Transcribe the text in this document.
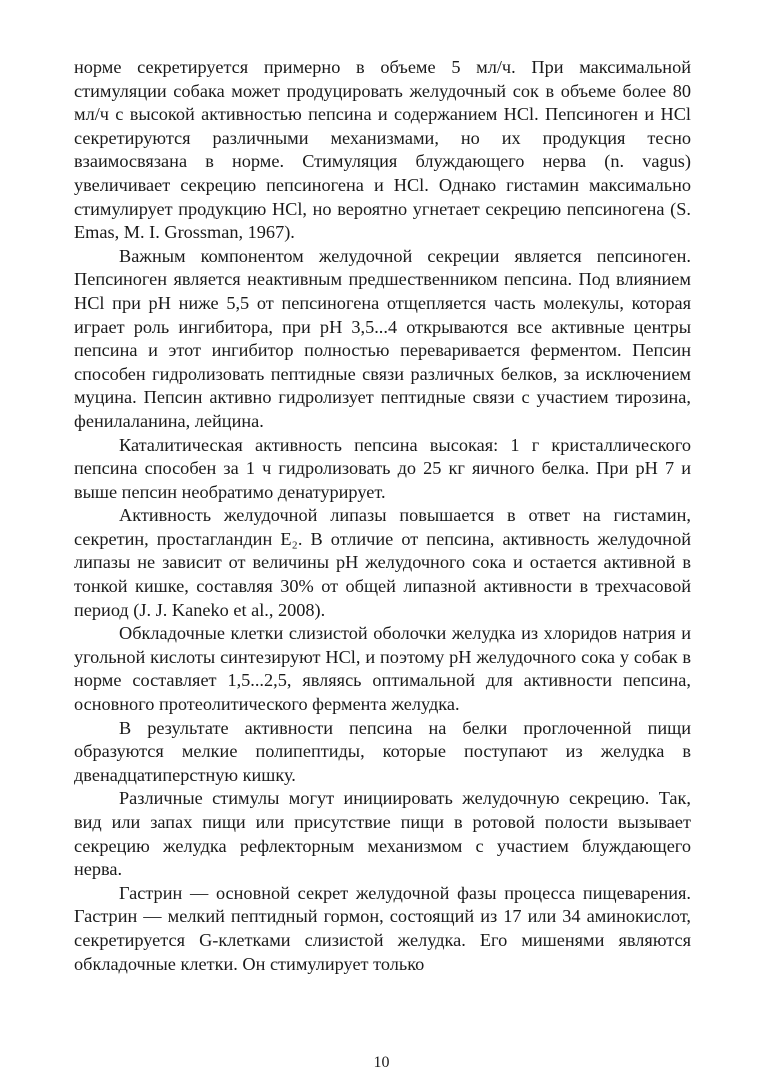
норме секретируется примерно в объеме 5 мл/ч. При максимальной стимуляции собака может продуцировать желудочный сок в объеме более 80 мл/ч с высокой активностью пепсина и содержанием HCl. Пепсиноген и HCl секретируются различными механизмами, но их продукция тесно взаимосвязана в норме. Стимуляция блуждающего нерва (n. vagus) увеличивает секрецию пепсиногена и HCl. Однако гистамин максимально стимулирует продукцию HCl, но вероятно угнетает секрецию пепсиногена (S. Emas, M. I. Grossman, 1967).

Важным компонентом желудочной секреции является пепсиноген. Пепсиноген является неактивным предшественником пепсина. Под влиянием HCl при рН ниже 5,5 от пепсиногена отщепляется часть молекулы, которая играет роль ингибитора, при рН 3,5...4 открываются все активные центры пепсина и этот ингибитор полностью переваривается ферментом. Пепсин способен гидролизовать пептидные связи различных белков, за исключением муцина. Пепсин активно гидролизует пептидные связи с участием тирозина, фенилаланина, лейцина.

Каталитическая активность пепсина высокая: 1 г кристаллического пепсина способен за 1 ч гидролизовать до 25 кг яичного белка. При рН 7 и выше пепсин необратимо денатурирует.

Активность желудочной липазы повышается в ответ на гистамин, секретин, простагландин E₂. В отличие от пепсина, активность желудочной липазы не зависит от величины рН желудочного сока и остается активной в тонкой кишке, составляя 30% от общей липазной активности в трехчасовой период (J. J. Kaneko et al., 2008).

Обкладочные клетки слизистой оболочки желудка из хлоридов натрия и угольной кислоты синтезируют HCl, и поэтому рН желудочного сока у собак в норме составляет 1,5...2,5, являясь оптимальной для активности пепсина, основного протеолитического фермента желудка.

В результате активности пепсина на белки проглоченной пищи образуются мелкие полипептиды, которые поступают из желудка в двенадцатиперстную кишку.

Различные стимулы могут инициировать желудочную секрецию. Так, вид или запах пищи или присутствие пищи в ротовой полости вызывает секрецию желудка рефлекторным механизмом с участием блуждающего нерва.

Гастрин — основной секрет желудочной фазы процесса пищеварения. Гастрин — мелкий пептидный гормон, состоящий из 17 или 34 аминокислот, секретируется G-клетками слизистой желудка. Его мишенями являются обкладочные клетки. Он стимулирует только

10
